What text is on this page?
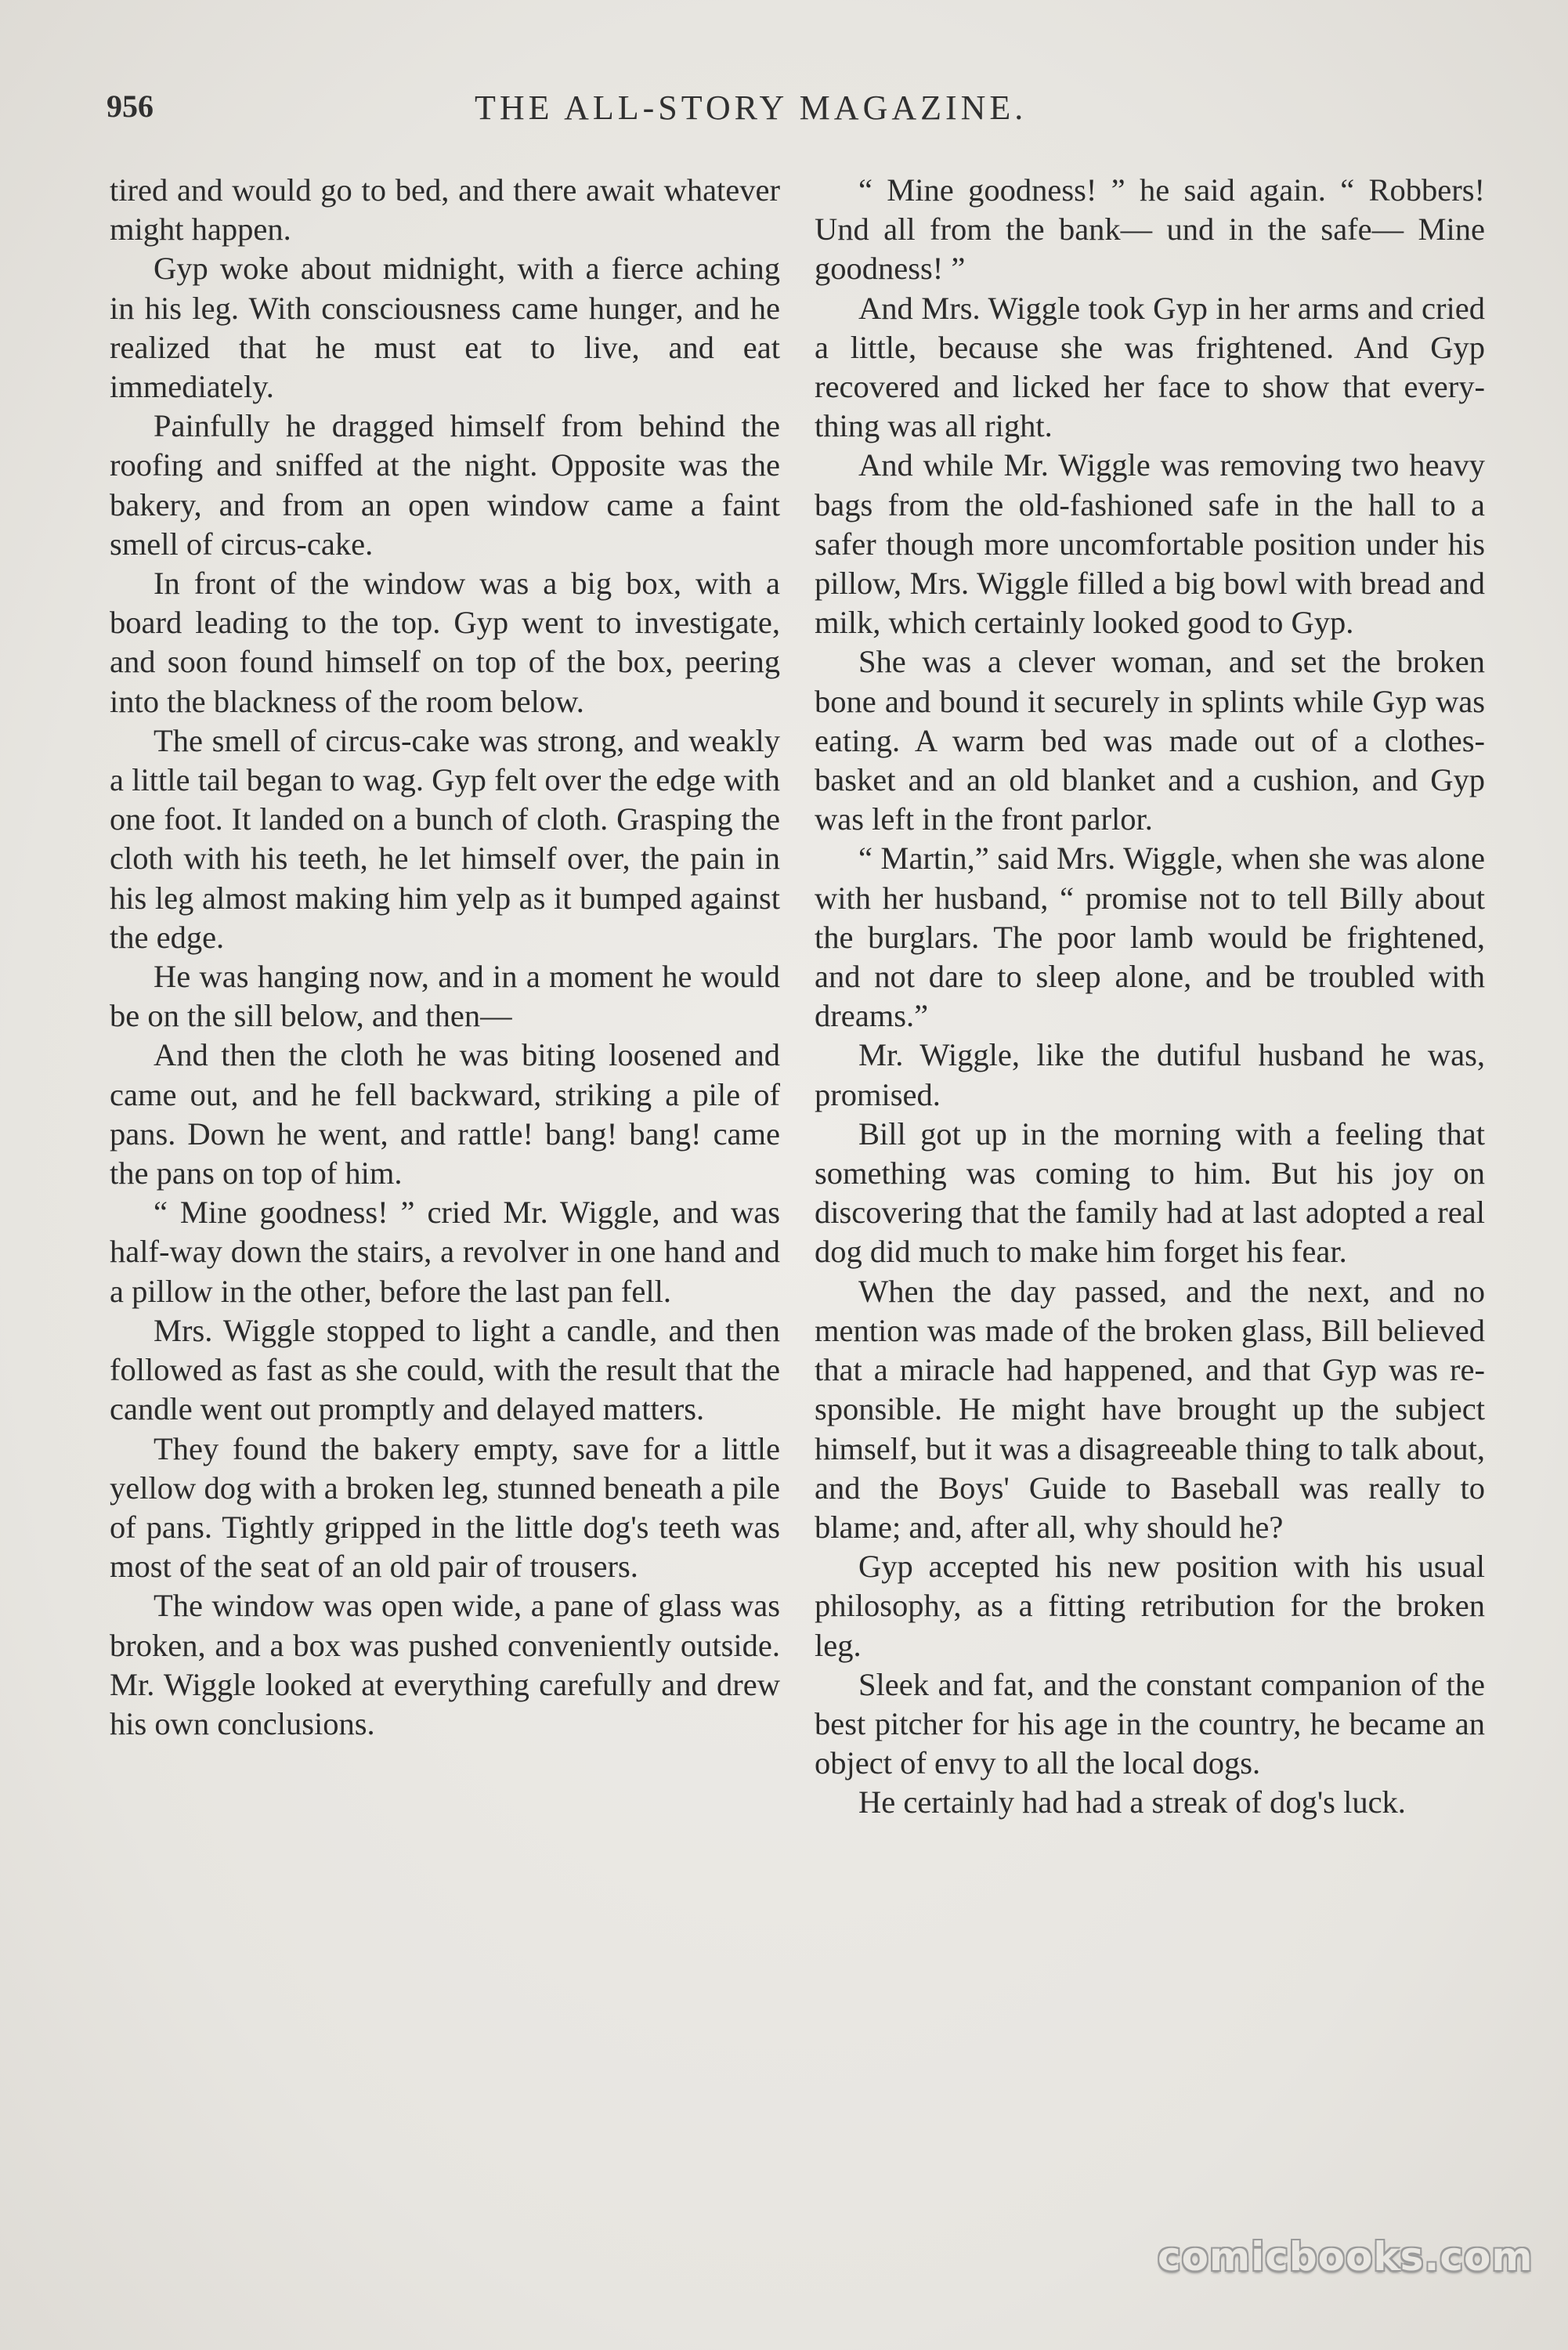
956	THE ALL-STORY MAGAZINE.

tired and would go to bed, and there await whatever might happen.

Gyp woke about midnight, with a fierce aching in his leg. With consciousness came hunger, and he realized that he must eat to live, and eat immediately.

Painfully he dragged himself from behind the roofing and sniffed at the night. Opposite was the bakery, and from an open window came a faint smell of circus-cake.

In front of the window was a big box, with a board leading to the top. Gyp went to investigate, and soon found himself on top of the box, peering into the blackness of the room below.

The smell of circus-cake was strong, and weakly a little tail began to wag. Gyp felt over the edge with one foot. It landed on a bunch of cloth. Grasping the cloth with his teeth, he let himself over, the pain in his leg almost making him yelp as it bumped against the edge.

He was hanging now, and in a moment he would be on the sill below, and then—

And then the cloth he was biting loosened and came out, and he fell backward, striking a pile of pans. Down he went, and rattle! bang! bang! came the pans on top of him.

“ Mine goodness! ” cried Mr. Wiggle, and was half-way down the stairs, a revolver in one hand and a pillow in the other, before the last pan fell.

Mrs. Wiggle stopped to light a candle, and then followed as fast as she could, with the result that the candle went out promptly and delayed matters.

They found the bakery empty, save for a little yellow dog with a broken leg, stunned beneath a pile of pans. Tightly gripped in the little dog's teeth was most of the seat of an old pair of trousers.

The window was open wide, a pane of glass was broken, and a box was pushed conveniently outside. Mr. Wiggle looked at everything carefully and drew his own conclusions.

“ Mine goodness! ” he said again. “ Robbers! Und all from the bank— und in the safe— Mine goodness! ”

And Mrs. Wiggle took Gyp in her arms and cried a little, because she was frightened. And Gyp recovered and licked her face to show that everything was all right.

And while Mr. Wiggle was removing two heavy bags from the old-fashioned safe in the hall to a safer though more uncomfortable position under his pillow, Mrs. Wiggle filled a big bowl with bread and milk, which certainly looked good to Gyp.

She was a clever woman, and set the broken bone and bound it securely in splints while Gyp was eating. A warm bed was made out of a clothes-basket and an old blanket and a cushion, and Gyp was left in the front parlor.

“ Martin,” said Mrs. Wiggle, when she was alone with her husband, “ promise not to tell Billy about the burglars. The poor lamb would be frightened, and not dare to sleep alone, and be troubled with dreams.”

Mr. Wiggle, like the dutiful husband he was, promised.

Bill got up in the morning with a feeling that something was coming to him. But his joy on discovering that the family had at last adopted a real dog did much to make him forget his fear.

When the day passed, and the next, and no mention was made of the broken glass, Bill believed that a miracle had happened, and that Gyp was responsible. He might have brought up the subject himself, but it was a disagreeable thing to talk about, and the Boys' Guide to Baseball was really to blame; and, after all, why should he?

Gyp accepted his new position with his usual philosophy, as a fitting retribution for the broken leg.

Sleek and fat, and the constant companion of the best pitcher for his age in the country, he became an object of envy to all the local dogs.

He certainly had had a streak of dog's luck.

comicbooks.com
